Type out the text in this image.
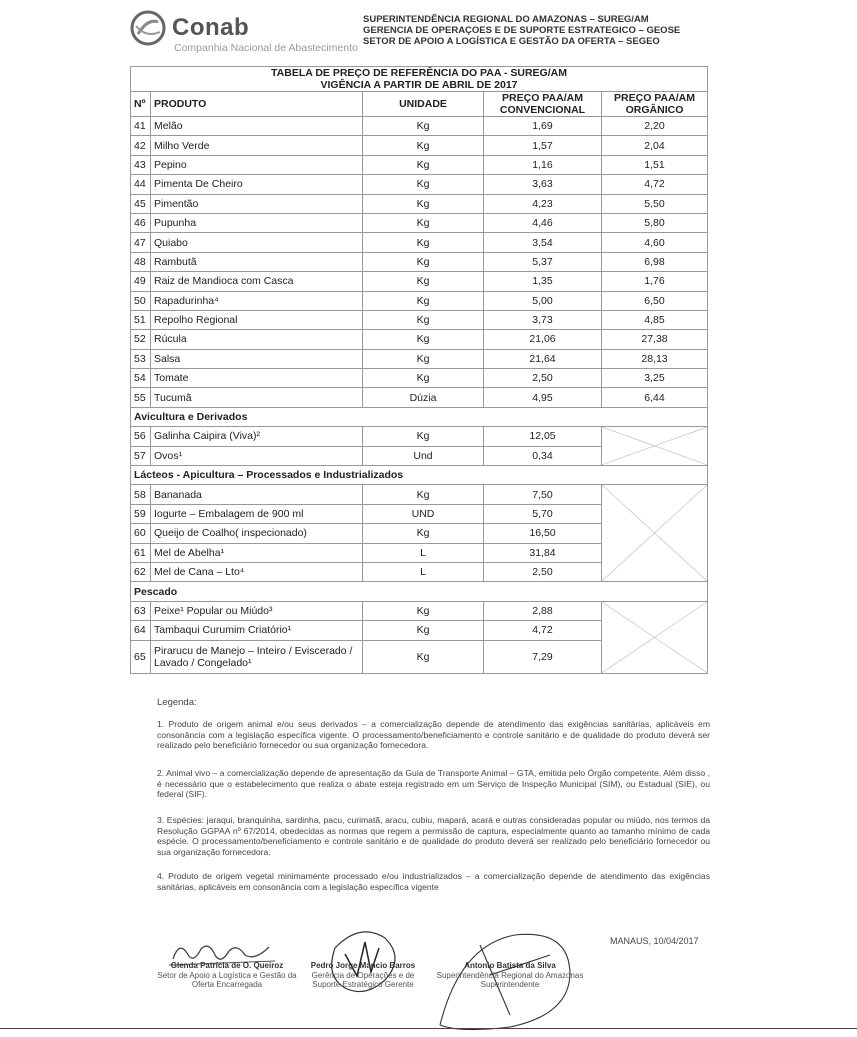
Conab
Companhia Nacional de Abastecimento
SUPERINTENDÊNCIA REGIONAL DO AMAZONAS – SUREG/AM
GERENCIA DE OPERAÇOES E DE SUPORTE ESTRATEGICO – GEOSE
SETOR DE APOIO A LOGÍSTICA E GESTÃO DA OFERTA – SEGEO
TABELA DE PREÇO DE REFERÊNCIA DO PAA - SUREG/AM
VIGÊNCIA A PARTIR DE ABRIL DE 2017				

Nº	PRODUTO	UNIDADE	PREÇO PAA/AM CONVENCIONAL	PREÇO PAA/AM ORGÂNICO
41	Melão	Kg	1,69	2,20
42	Milho Verde	Kg	1,57	2,04
43	Pepino	Kg	1,16	1,51
44	Pimenta De Cheiro	Kg	3,63	4,72
45	Pimentão	Kg	4,23	5,50
46	Pupunha	Kg	4,46	5,80
47	Quiabo	Kg	3,54	4,60
48	Rambutã	Kg	5,37	6,98
49	Raiz de Mandioca com Casca	Kg	1,35	1,76
50	Rapadurinha⁴	Kg	5,00	6,50
51	Repolho Regional	Kg	3,73	4,85
52	Rúcula	Kg	21,06	27,38
53	Salsa	Kg	21,64	28,13
54	Tomate	Kg	2,50	3,25
55	Tucumã	Dúzia	4,95	6,44
Avicultura e Derivados				
56	Galinha Caipira (Viva)²	Kg	12,05	

57	Ovos¹	Und	0,34	
Lácteos - Apicultura – Processados e Industrializados				
58	Bananada	Kg	7,50	

59	Iogurte – Embalagem de 900 ml	UND	5,70	
60	Queijo de Coalho( inspecionado)	Kg	16,50	
61	Mel de Abelha¹	L	31,84	
62	Mel de Cana – Lto⁴	L	2,50	
Pescado				
63	Peixe¹ Popular ou Miúdo³	Kg	2,88	

64	Tambaqui Curumim Criatório¹	Kg	4,72	
65	Pirarucu de Manejo – Inteiro / Eviscerado / Lavado / Congelado¹	Kg	7,29	
Legenda:
1. Produto de origem animal e/ou seus derivados – a comercialização depende de atendimento das exigências sanitárias, aplicáveis em consonância com a legislação específica vigente. O processamento/beneficiamento e controle sanitário e de qualidade do produto deverá ser realizado pelo beneficiário fornecedor ou sua organização fornecedora.
2. Animal vivo – a comercialização depende de apresentação da Guia de Transporte Animal – GTA, emitida pelo Órgão competente. Além disso , é necessário que o estabelecimento que realiza o abate esteja registrado em um Serviço de Inspeção Municipal (SIM), ou Estadual (SIE), ou federal (SIF).
3. Espécies: jaraqui, branquinha, sardinha, pacu, curimatã, aracu, cubiu, mapará, acará e outras consideradas popular ou miúdo, nos termos da Resolução GGPAA nº 67/2014, obedecidas as normas que regem a permissão de captura, especialmente quanto ao tamanho mínimo de cada espécie. O processamento/beneficiamento e controle sanitário e de qualidade do produto deverá ser realizado pelo beneficiário fornecedor ou sua organização fornecedora.
4. Produto de origem vegetal minimamente processado e/ou industrializados – a comercialização depende de atendimento das exigências sanitárias, aplicáveis em consonância com a legislação específica vigente
MANAUS, 10/04/2017
Glenda Patrícia de O. Queiroz
Setor de Apoio a Logística e Gestão da Oferta Encarregada
Pedro Jorge Mancio Barros
Gerência de Operações e de Suporte Estratégico Gerente
Antonio Batista da Silva
Superintendência Regional do Amazonas Superintendente
